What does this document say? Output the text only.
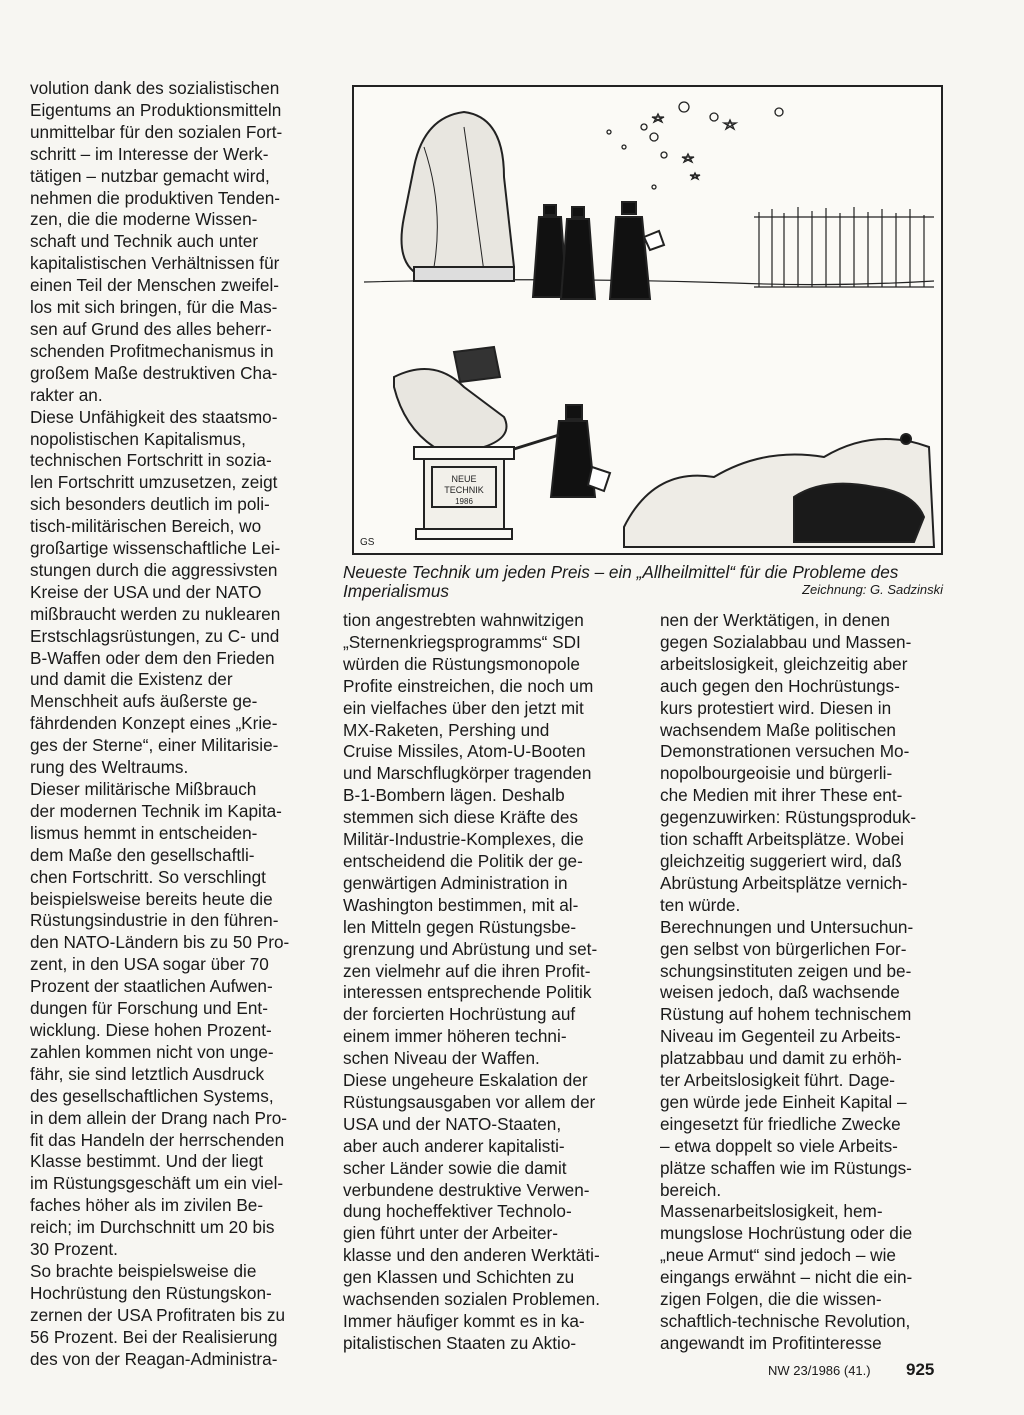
volution dank des sozialistischen
Eigentums an Produktionsmitteln
unmittelbar für den sozialen Fort-
schritt – im Interesse der Werk-
tätigen – nutzbar gemacht wird,
nehmen die produktiven Tenden-
zen, die die moderne Wissen-
schaft und Technik auch unter
kapitalistischen Verhältnissen für
einen Teil der Menschen zweifel-
los mit sich bringen, für die Mas-
sen auf Grund des alles beherr-
schenden Profitmechanismus in
großem Maße destruktiven Cha-
rakter an.

Diese Unfähigkeit des staatsmo-
nopolistischen Kapitalismus,
technischen Fortschritt in sozia-
len Fortschritt umzusetzen, zeigt
sich besonders deutlich im poli-
tisch-militärischen Bereich, wo
großartige wissenschaftliche Lei-
stungen durch die aggressivsten
Kreise der USA und der NATO
mißbraucht werden zu nuklearen
Erstschlagsrüstungen, zu C- und
B-Waffen oder dem den Frieden
und damit die Existenz der
Menschheit aufs äußerste ge-
fährdenden Konzept eines „Krie-
ges der Sterne“, einer Militarisie-
rung des Weltraums.

Dieser militärische Mißbrauch
der modernen Technik im Kapita-
lismus hemmt in entscheiden-
dem Maße den gesellschaftli-
chen Fortschritt. So verschlingt
beispielsweise bereits heute die
Rüstungsindustrie in den führen-
den NATO-Ländern bis zu 50 Pro-
zent, in den USA sogar über 70
Prozent der staatlichen Aufwen-
dungen für Forschung und Ent-
wicklung. Diese hohen Prozent-
zahlen kommen nicht von unge-
fähr, sie sind letztlich Ausdruck
des gesellschaftlichen Systems,
in dem allein der Drang nach Pro-
fit das Handeln der herrschenden
Klasse bestimmt. Und der liegt
im Rüstungsgeschäft um ein viel-
faches höher als im zivilen Be-
reich; im Durchschnitt um 20 bis
30 Prozent.

So brachte beispielsweise die
Hochrüstung den Rüstungskon-
zernen der USA Profitraten bis zu
56 Prozent. Bei der Realisierung
des von der Reagan-Administra-

GS
NEUE
TECHNIK
1986
Neueste Technik um jeden Preis – ein „Allheilmittel“ für die Probleme des Imperialismus	Zeichnung: G. Sadzinski

tion angestrebten wahnwitzigen
„Sternenkriegsprogramms“ SDI
würden die Rüstungsmonopole
Profite einstreichen, die noch um
ein vielfaches über den jetzt mit
MX-Raketen, Pershing und
Cruise Missiles, Atom-U-Booten
und Marschflugkörper tragenden
B-1-Bombern lägen. Deshalb
stemmen sich diese Kräfte des
Militär-Industrie-Komplexes, die
entscheidend die Politik der ge-
genwärtigen Administration in
Washington bestimmen, mit al-
len Mitteln gegen Rüstungsbe-
grenzung und Abrüstung und set-
zen vielmehr auf die ihren Profit-
interessen entsprechende Politik
der forcierten Hochrüstung auf
einem immer höheren techni-
schen Niveau der Waffen.

Diese ungeheure Eskalation der
Rüstungsausgaben vor allem der
USA und der NATO-Staaten,
aber auch anderer kapitalisti-
scher Länder sowie die damit
verbundene destruktive Verwen-
dung hocheffektiver Technolo-
gien führt unter der Arbeiter-
klasse und den anderen Werktäti-
gen Klassen und Schichten zu
wachsenden sozialen Problemen.
Immer häufiger kommt es in ka-
pitalistischen Staaten zu Aktio-

nen der Werktätigen, in denen
gegen Sozialabbau und Massen-
arbeitslosigkeit, gleichzeitig aber
auch gegen den Hochrüstungs-
kurs protestiert wird. Diesen in
wachsendem Maße politischen
Demonstrationen versuchen Mo-
nopolbourgeoisie und bürgerli-
che Medien mit ihrer These ent-
gegenzuwirken: Rüstungsproduk-
tion schafft Arbeitsplätze. Wobei
gleichzeitig suggeriert wird, daß
Abrüstung Arbeitsplätze vernich-
ten würde.

Berechnungen und Untersuchun-
gen selbst von bürgerlichen For-
schungsinstituten zeigen und be-
weisen jedoch, daß wachsende
Rüstung auf hohem technischem
Niveau im Gegenteil zu Arbeits-
platzabbau und damit zu erhöh-
ter Arbeitslosigkeit führt. Dage-
gen würde jede Einheit Kapital –
eingesetzt für friedliche Zwecke
– etwa doppelt so viele Arbeits-
plätze schaffen wie im Rüstungs-
bereich.

Massenarbeitslosigkeit, hem-
mungslose Hochrüstung oder die
„neue Armut“ sind jedoch – wie
eingangs erwähnt – nicht die ein-
zigen Folgen, die die wissen-
schaftlich-technische Revolution,
angewandt im Profitinteresse

NW 23/1986 (41.) 925
